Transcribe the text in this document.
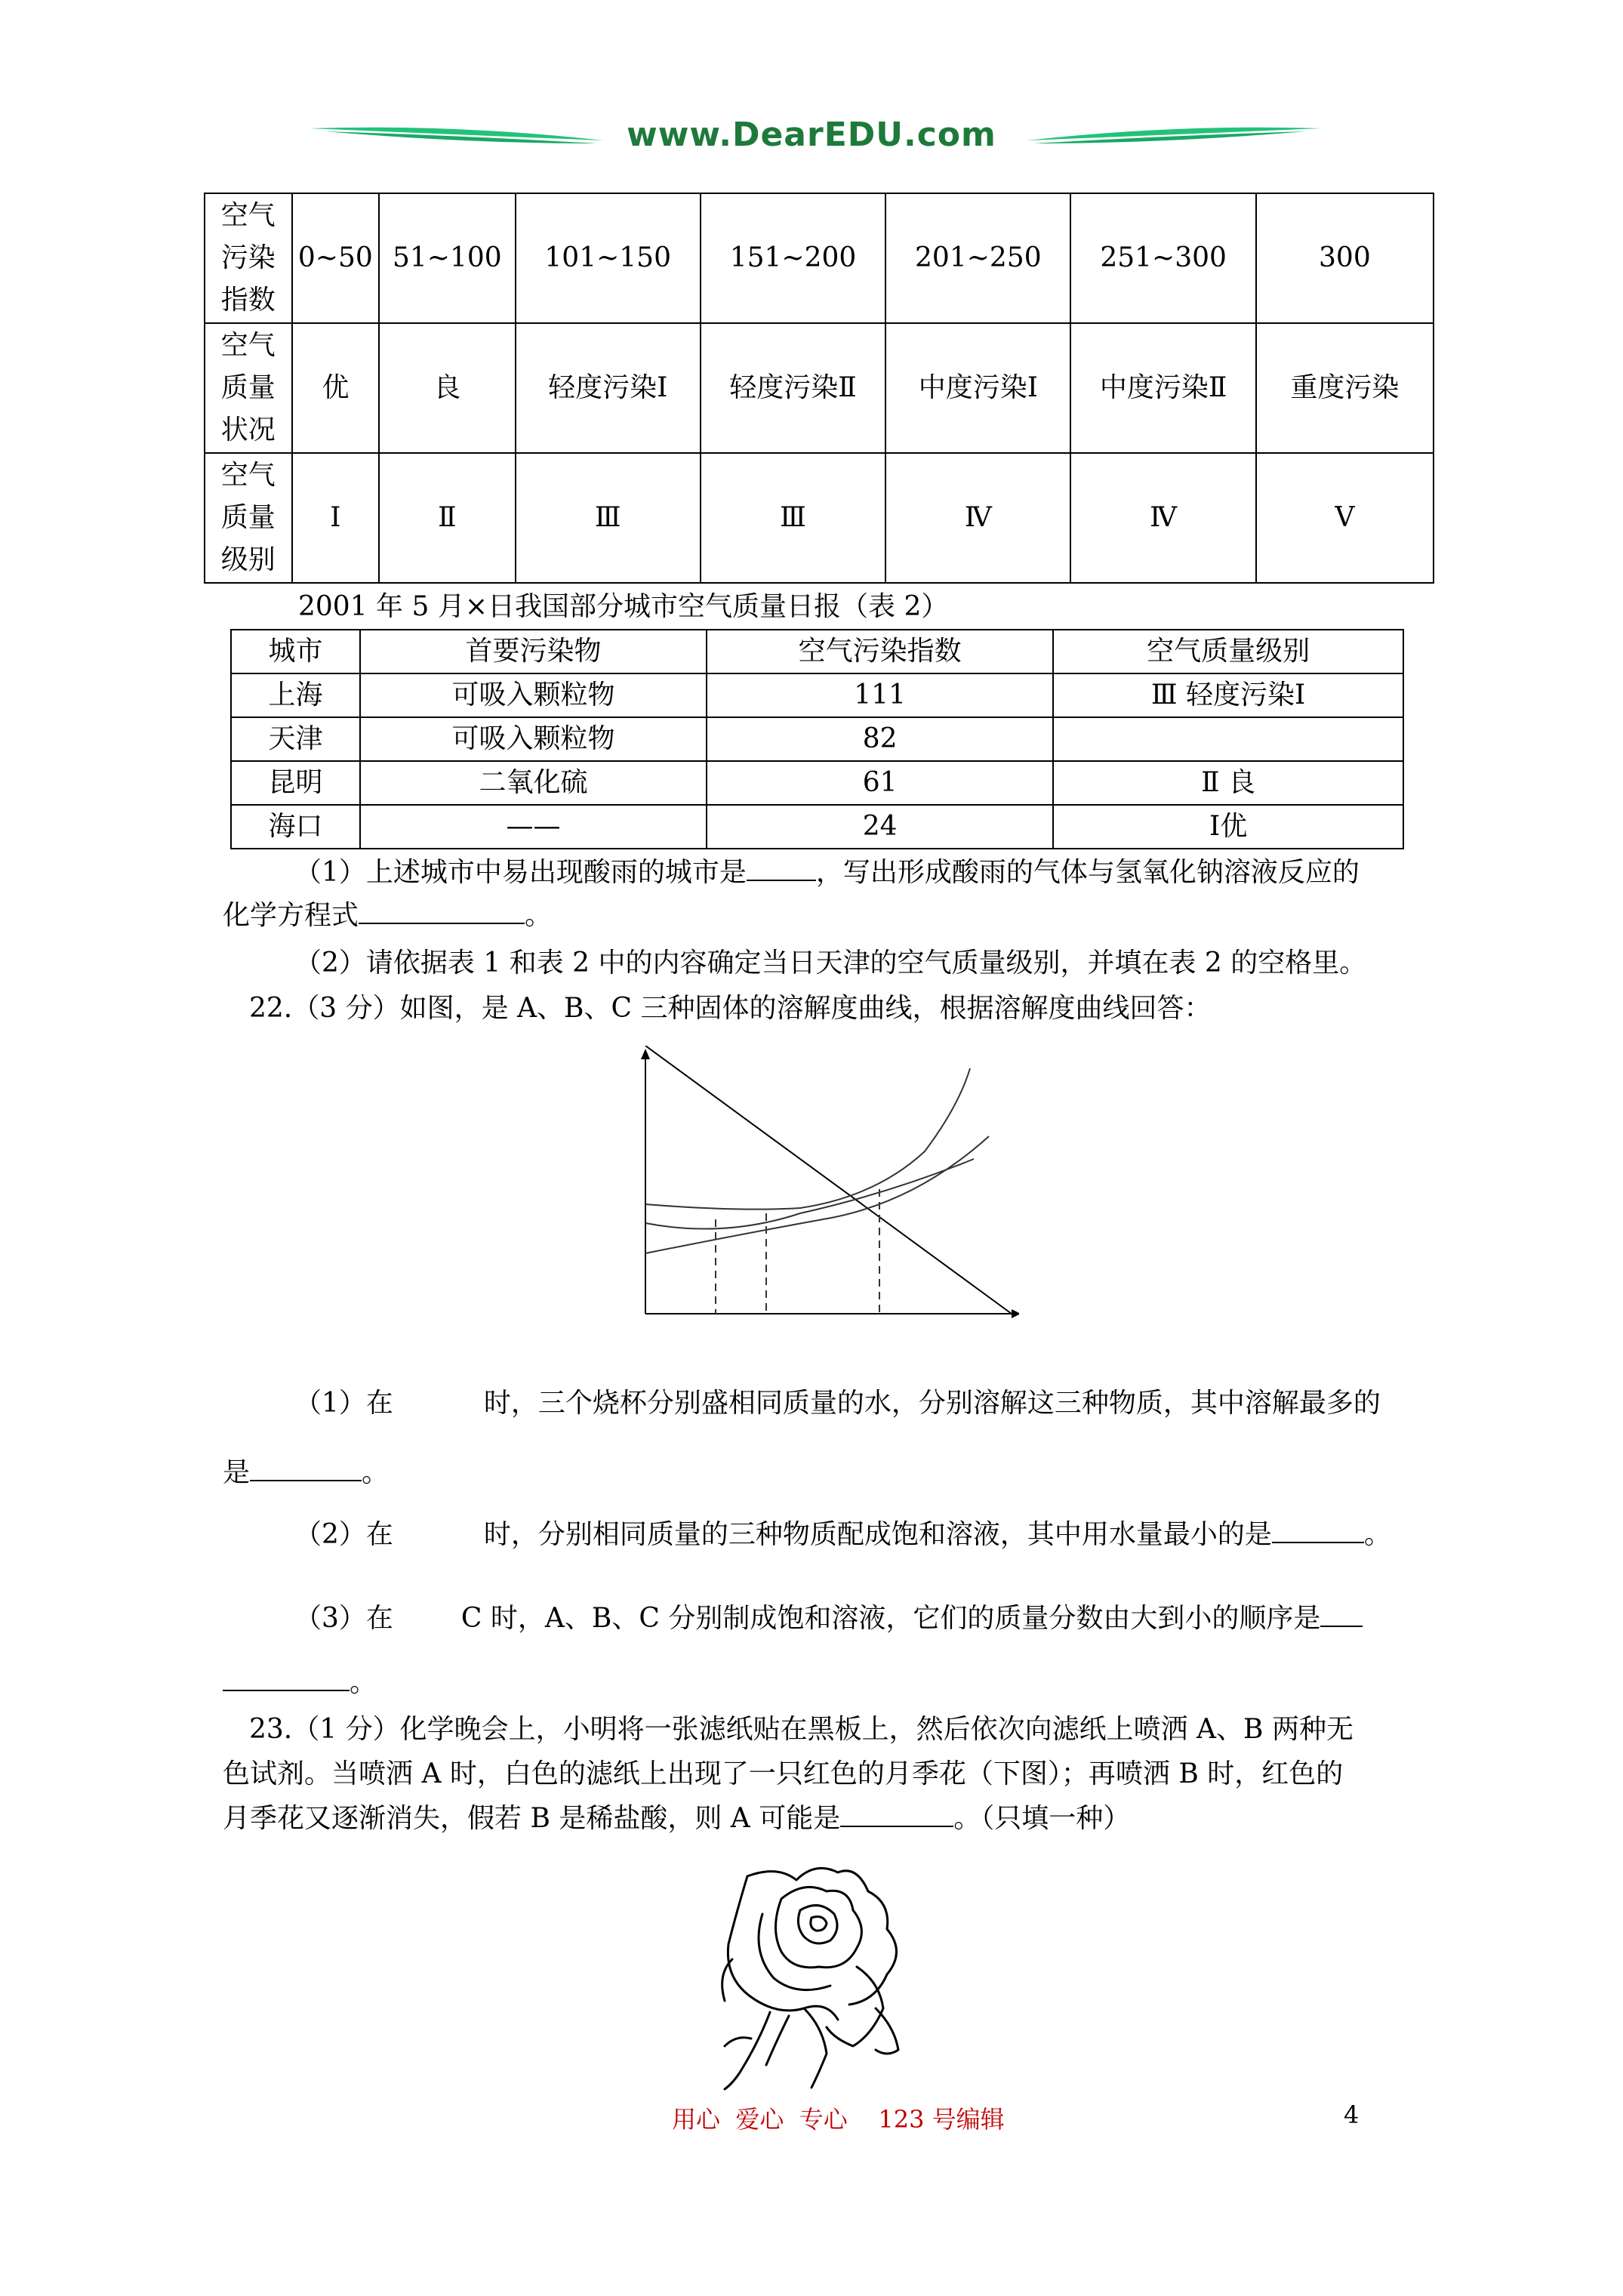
www.DearEDU.com
空气
污染
指数	0~50	51~100	101~150	151~200	201~250	251~300	300

空气
质量
状况	优	良	轻度污染Ⅰ	轻度污染Ⅱ	中度污染Ⅰ	中度污染Ⅱ	重度污染

空气
质量
级别	Ⅰ	Ⅱ	Ⅲ	Ⅲ	Ⅳ	Ⅳ	Ⅴ
2001 年 5 月×日我国部分城市空气质量日报（表 2）
城市	首要污染物	空气污染指数	空气质量级别
上海	可吸入颗粒物	111	Ⅲ 轻度污染Ⅰ
天津	可吸入颗粒物	82	
昆明	二氧化硫	61	Ⅱ 良
海口	——	24	Ⅰ优
（1）上述城市中易出现酸雨的城市是	，写出形成酸雨的气体与氢氧化钠溶液反应的
化学方程式	。
（2）请依据表 1 和表 2 中的内容确定当日天津的空气质量级别，并填在表 2 的空格里。
22.（3 分）如图，是 A、B、C 三种固体的溶解度曲线，根据溶解度曲线回答：
（1）在	时，三个烧杯分别盛相同质量的水，分别溶解这三种物质，其中溶解最多的
是	。
（2）在	时，分别相同质量的三种物质配成饱和溶液，其中用水量最小的是	。
（3）在	C 时，A、B、C 分别制成饱和溶液，它们的质量分数由大到小的顺序是
。
23.（1 分）化学晚会上，小明将一张滤纸贴在黑板上，然后依次向滤纸上喷洒 A、B 两种无
色试剂。当喷洒 A 时，白色的滤纸上出现了一只红色的月季花（下图）；再喷洒 B 时，红色的
月季花又逐渐消失，假若 B 是稀盐酸，则 A 可能是	。（只填一种）
用心  爱心  专心    123 号编辑	4
